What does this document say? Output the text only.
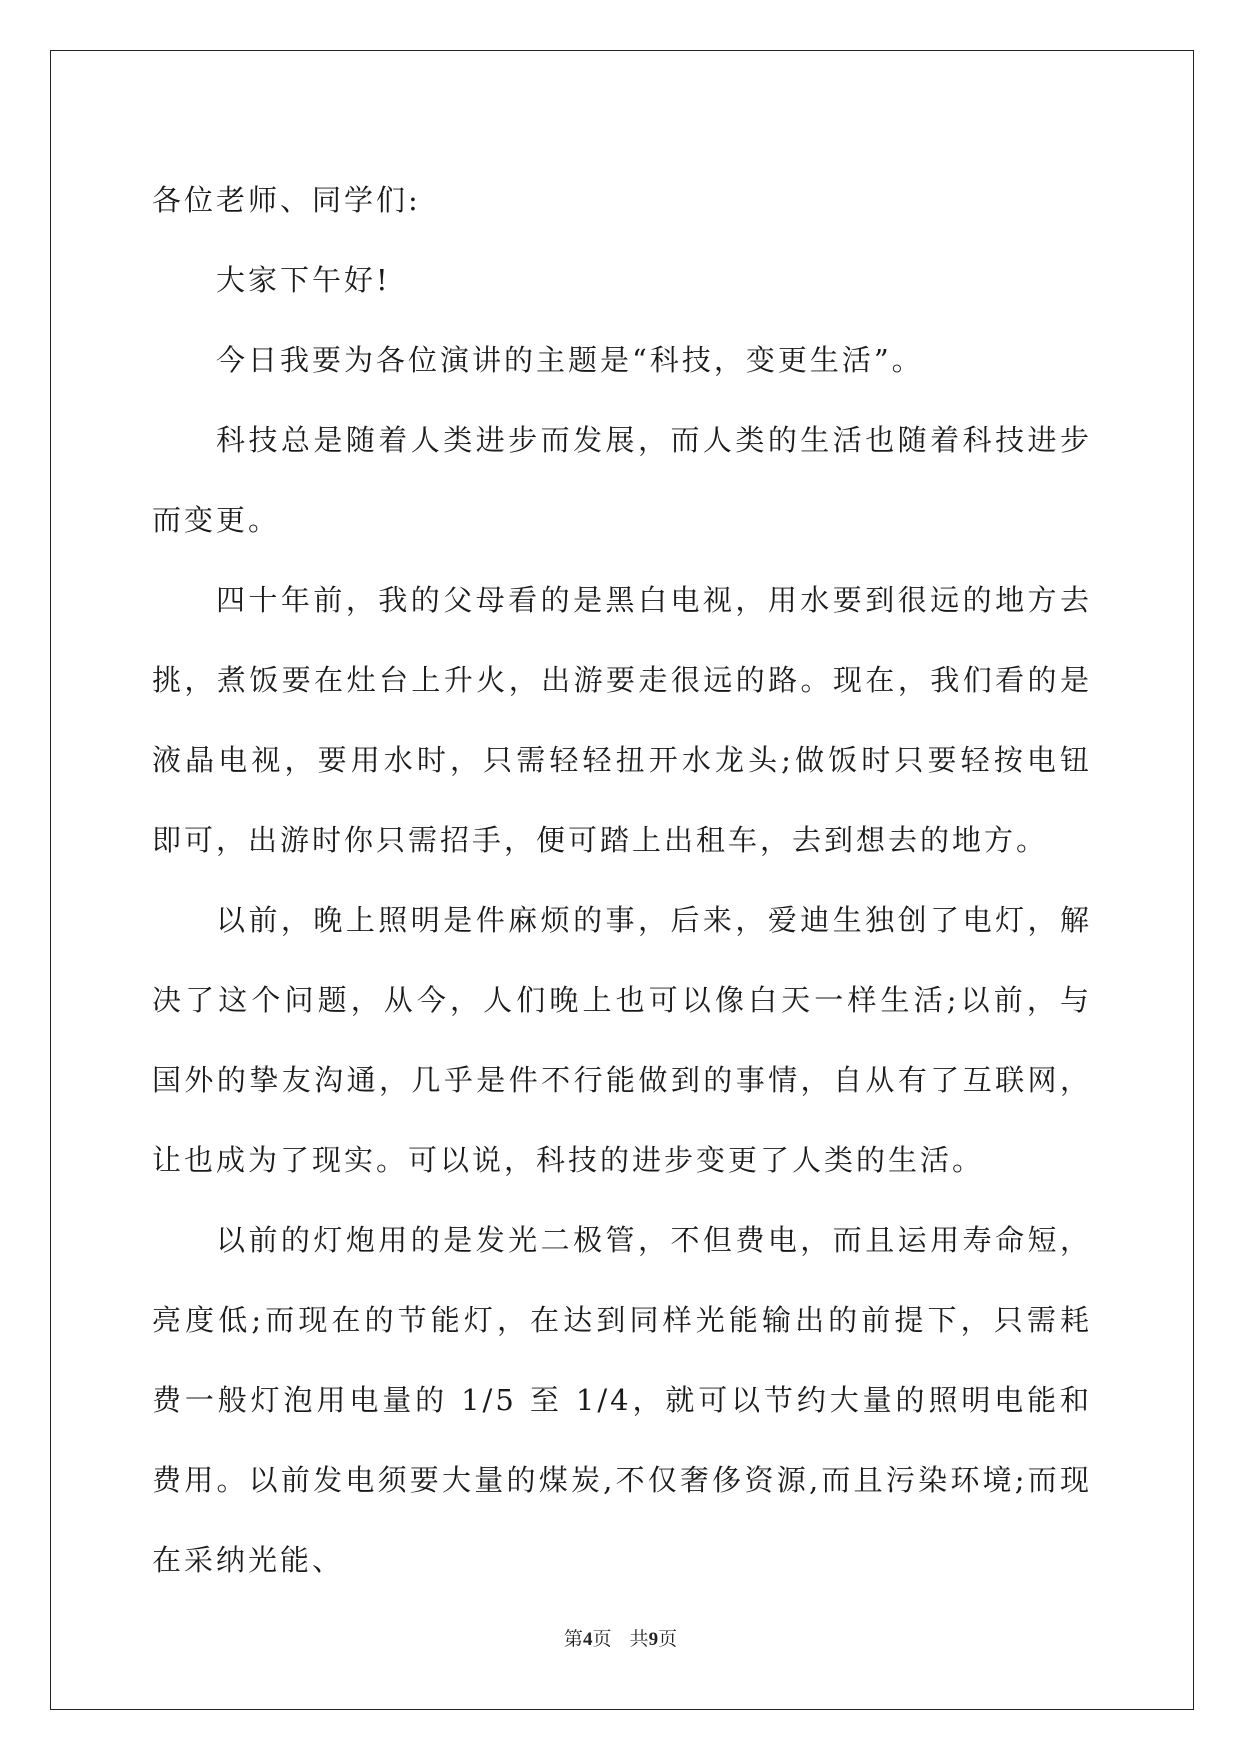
各位老师、同学们:

大家下午好!

今日我要为各位演讲的主题是“科技，变更生活”。

科技总是随着人类进步而发展，而人类的生活也随着科技进步而变更。

四十年前，我的父母看的是黑白电视，用水要到很远的地方去挑，煮饭要在灶台上升火，出游要走很远的路。现在，我们看的是液晶电视，要用水时，只需轻轻扭开水龙头;做饭时只要轻按电钮即可，出游时你只需招手，便可踏上出租车，去到想去的地方。

以前，晚上照明是件麻烦的事，后来，爱迪生独创了电灯，解决了这个问题，从今，人们晚上也可以像白天一样生活;以前，与国外的挚友沟通，几乎是件不行能做到的事情，自从有了互联网，让也成为了现实。可以说，科技的进步变更了人类的生活。

以前的灯炮用的是发光二极管，不但费电，而且运用寿命短，亮度低;而现在的节能灯，在达到同样光能输出的前提下，只需耗费一般灯泡用电量的 1/5 至 1/4，就可以节约大量的照明电能和费用。以前发电须要大量的煤炭,不仅奢侈资源,而且污染环境;而现在采纳光能、

第4页   共9页
